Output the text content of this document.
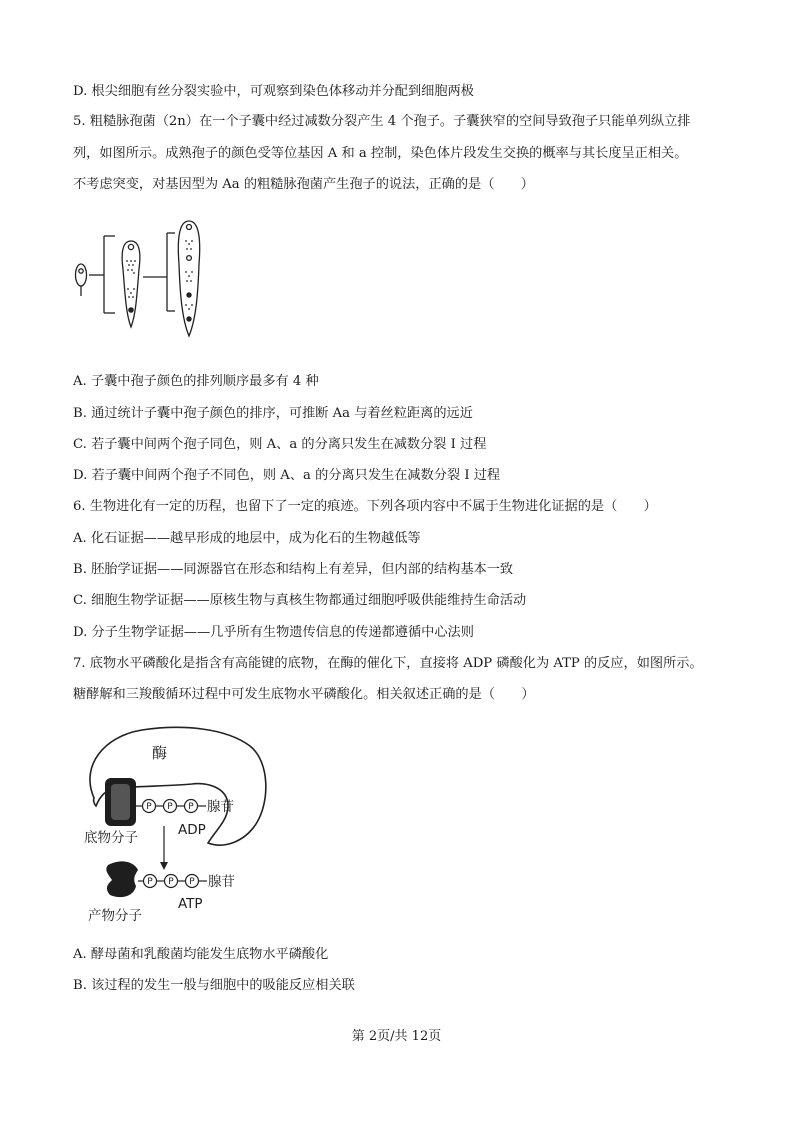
D. 根尖细胞有丝分裂实验中，可观察到染色体移动并分配到细胞两极
5. 粗糙脉孢菌（2n）在一个子囊中经过减数分裂产生 4 个孢子。子囊狭窄的空间导致孢子只能单列纵立排
列，如图所示。成熟孢子的颜色受等位基因 A 和 a 控制，染色体片段发生交换的概率与其长度呈正相关。
不考虑突变，对基因型为 Aa 的粗糙脉孢菌产生孢子的说法，正确的是（　　）
A. 子囊中孢子颜色的排列顺序最多有 4 种
B. 通过统计子囊中孢子颜色的排序，可推断 Aa 与着丝粒距离的远近
C. 若子囊中间两个孢子同色，则 A、a 的分离只发生在减数分裂 Ⅰ 过程
D. 若子囊中间两个孢子不同色，则 A、a 的分离只发生在减数分裂 Ⅰ 过程
6. 生物进化有一定的历程，也留下了一定的痕迹。下列各项内容中不属于生物进化证据的是（　　）
A. 化石证据——越早形成的地层中，成为化石的生物越低等
B. 胚胎学证据——同源器官在形态和结构上有差异，但内部的结构基本一致
C. 细胞生物学证据——原核生物与真核生物都通过细胞呼吸供能维持生命活动
D. 分子生物学证据——几乎所有生物遗传信息的传递都遵循中心法则
7. 底物水平磷酸化是指含有高能键的底物，在酶的催化下，直接将 ADP 磷酸化为 ATP 的反应，如图所示。
糖酵解和三羧酸循环过程中可发生底物水平磷酸化。相关叙述正确的是（　　）
P P P 腺苷
酶
底物分子	ADP
P P P 腺苷
ATP
产物分子
A. 酵母菌和乳酸菌均能发生底物水平磷酸化
B. 该过程的发生一般与细胞中的吸能反应相关联
第 2页/共 12页
